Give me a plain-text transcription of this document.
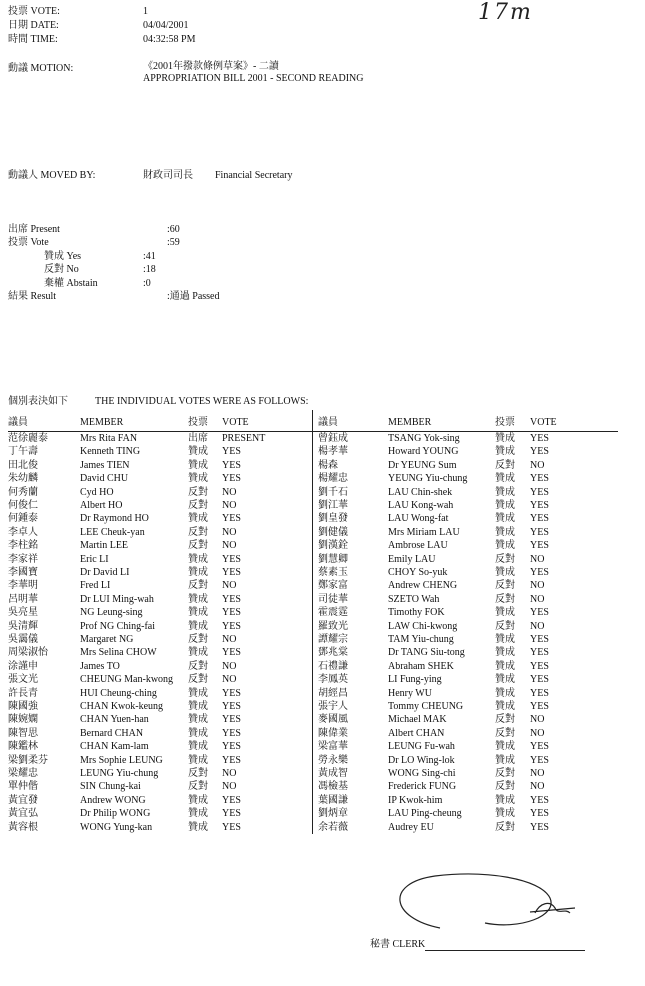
投票 VOTE:	1
日期 DATE:	04/04/2001
時間 TIME:	04:32:58 PM
17m
動議 MOTION:	《2001年撥款條例草案》- 二讀
APPROPRIATION BILL 2001 - SECOND READING
動議人 MOVED BY:	財政司司長 Financial Secretary
出席 Present	:60
投票 Vote	:59
贊成 Yes	:41
反對 No	:18
棄權 Abstain	:0
結果 Result	:通過 Passed
個別表決如下	THE INDIVIDUAL VOTES WERE AS FOLLOWS:
議員	MEMBER	投票 VOTE	議員	MEMBER	投票 VOTE
范徐麗泰	Mrs Rita FAN	出席 PRESENT
丁午壽	Kenneth TING	贊成 YES
田北俊	James TIEN	贊成 YES
朱幼麟	David CHU	贊成 YES
何秀蘭	Cyd HO	反對 NO
何俊仁	Albert HO	反對 NO
何鍾泰	Dr Raymond HO	贊成 YES
李卓人	LEE Cheuk-yan	反對 NO
李柱銘	Martin LEE	反對 NO
李家祥	Eric LI	贊成 YES
李國寶	Dr David LI	贊成 YES
李華明	Fred LI	反對 NO
呂明華	Dr LUI Ming-wah	贊成 YES
吳亮星	NG Leung-sing	贊成 YES
吳清輝	Prof NG Ching-fai	贊成 YES
吳靄儀	Margaret NG	反對 NO
周梁淑怡	Mrs Selina CHOW	贊成 YES
涂謹申	James TO	反對 NO
張文光	CHEUNG Man-kwong 反對 NO
許長青	HUI Cheung-ching	贊成 YES
陳國強	CHAN Kwok-keung 贊成 YES
陳婉嫻	CHAN Yuen-han	贊成 YES
陳智思	Bernard CHAN	贊成 YES
陳鑑林	CHAN Kam-lam	贊成 YES
梁劉柔芬	Mrs Sophie LEUNG	贊成 YES
梁耀忠	LEUNG Yiu-chung	反對 NO
單仲偕	SIN Chung-kai	反對 NO
黃宜發	Andrew WONG	贊成 YES
黃宜弘	Dr Philip WONG	贊成 YES
黃容根	WONG Yung-kan	贊成 YES
曾鈺成	TSANG Yok-sing	贊成 YES
楊孝華	Howard YOUNG	贊成 YES
楊森	Dr YEUNG Sum	反對 NO
楊耀忠	YEUNG Yiu-chung	贊成 YES
劉千石	LAU Chin-shek	贊成 YES
劉江華	LAU Kong-wah	贊成 YES
劉皇發	LAU Wong-fat	贊成 YES
劉健儀	Mrs Miriam LAU	贊成 YES
劉漢銓	Ambrose LAU	贊成 YES
劉慧卿	Emily LAU	反對 NO
蔡素玉	CHOY So-yuk	贊成 YES
鄭家富	Andrew CHENG	反對 NO
司徒華	SZETO Wah	反對 NO
霍震霆	Timothy FOK	贊成 YES
羅致光	LAW Chi-kwong	反對 NO
譚耀宗	TAM Yiu-chung	贊成 YES
鄧兆棠	Dr TANG Siu-tong	贊成 YES
石禮謙	Abraham SHEK	贊成 YES
李鳳英	LI Fung-ying	贊成 YES
胡經昌	Henry WU	贊成 YES
張宇人	Tommy CHEUNG	贊成 YES
麥國風	Michael MAK	反對 NO
陳偉業	Albert CHAN	反對 NO
梁富華	LEUNG Fu-wah	贊成 YES
勞永樂	Dr LO Wing-lok	贊成 YES
黃成智	WONG Sing-chi	反對 NO
馮檢基	Frederick FUNG	反對 NO
葉國謙	IP Kwok-him	贊成 YES
劉炳章	LAU Ping-cheung	贊成 YES
余若薇	Audrey EU	反對 YES
秘書 CLERK
